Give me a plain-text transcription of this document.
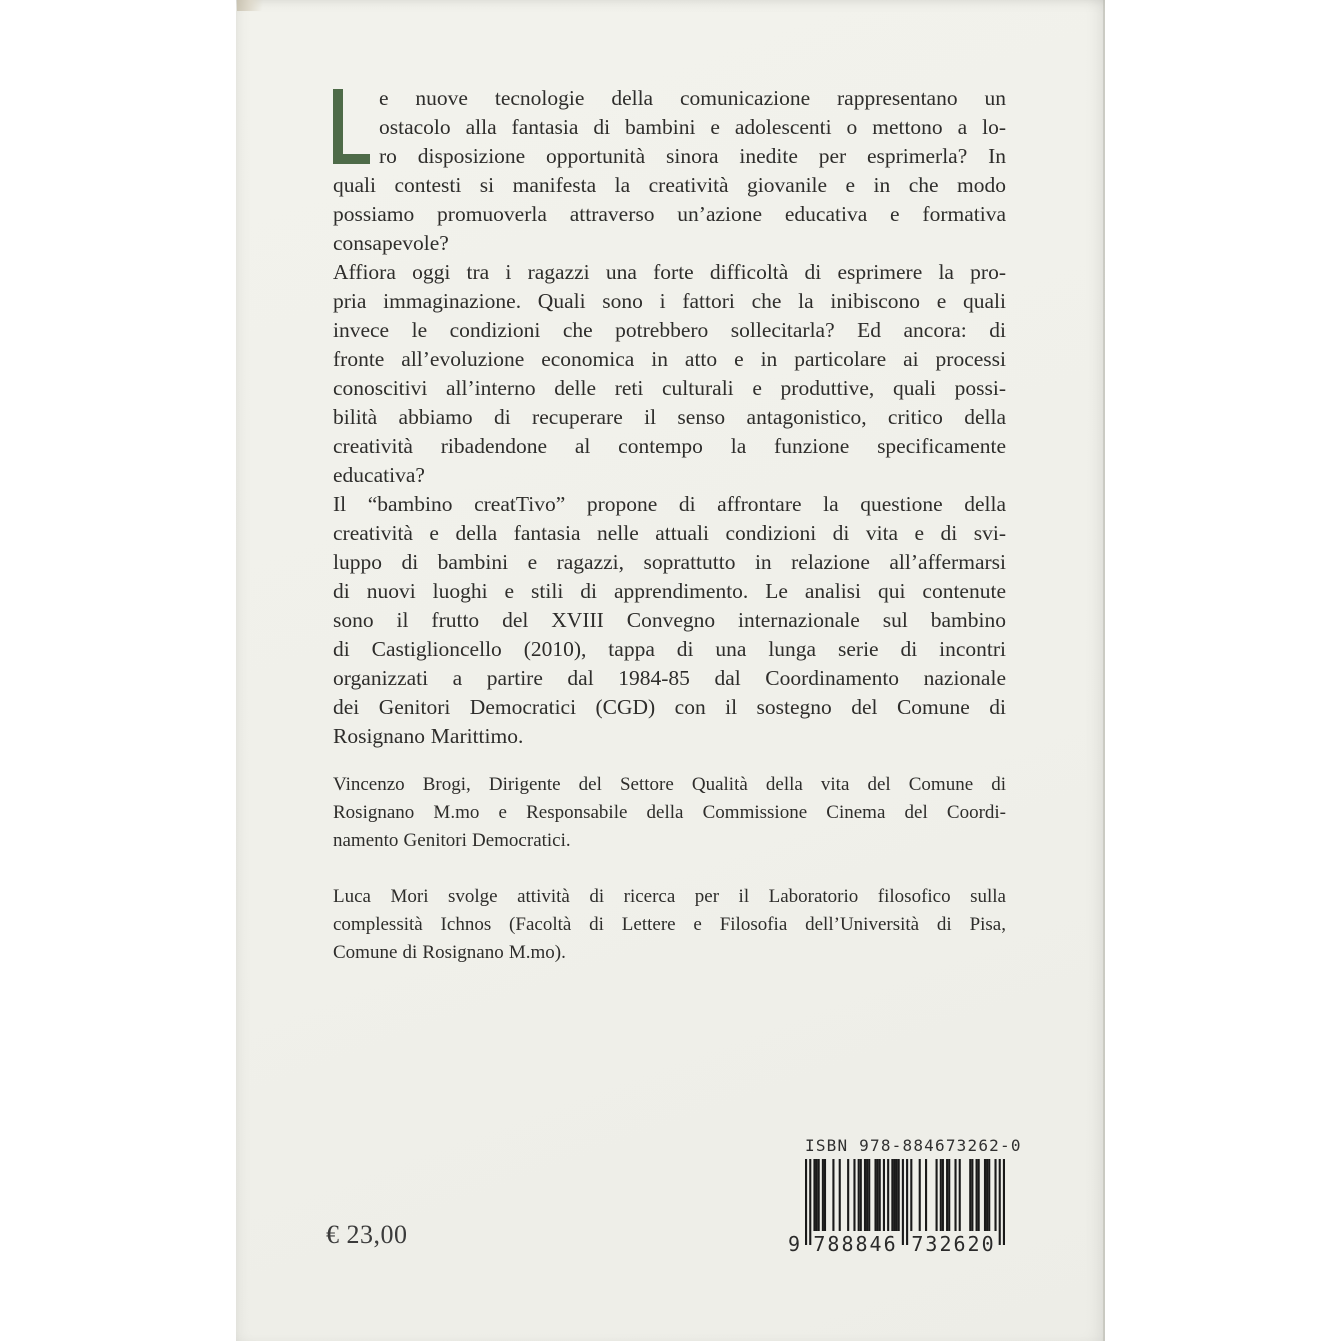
e nuove tecnologie della comunicazione rappresentano un
ostacolo alla fantasia di bambini e adolescenti o mettono a lo-
ro disposizione opportunità sinora inedite per esprimerla? In
quali contesti si manifesta la creatività giovanile e in che modo
possiamo promuoverla attraverso un’azione educativa e formativa
consapevole?
Affiora oggi tra i ragazzi una forte difficoltà di esprimere la pro-
pria immaginazione. Quali sono i fattori che la inibiscono e quali
invece le condizioni che potrebbero sollecitarla? Ed ancora: di
fronte all’evoluzione economica in atto e in particolare ai processi
conoscitivi all’interno delle reti culturali e produttive, quali possi-
bilità abbiamo di recuperare il senso antagonistico, critico della
creatività ribadendone al contempo la funzione specificamente
educativa?
Il “bambino creatTivo” propone di affrontare la questione della
creatività e della fantasia nelle attuali condizioni di vita e di svi-
luppo di bambini e ragazzi, soprattutto in relazione all’affermarsi
di nuovi luoghi e stili di apprendimento. Le analisi qui contenute
sono il frutto del XVIII Convegno internazionale sul bambino
di Castiglioncello (2010), tappa di una lunga serie di incontri
organizzati a partire dal 1984-85 dal Coordinamento nazionale
dei Genitori Democratici (CGD) con il sostegno del Comune di
Rosignano Marittimo.
Vincenzo Brogi, Dirigente del Settore Qualità della vita del Comune di
Rosignano M.mo e Responsabile della Commissione Cinema del Coordi-
namento Genitori Democratici.
Luca Mori svolge attività di ricerca per il Laboratorio filosofico sulla
complessità Ichnos (Facoltà di Lettere e Filosofia dell’Università di Pisa,
Comune di Rosignano M.mo).
€ 23,00
ISBN 978-884673262-0
9 788846 732620
